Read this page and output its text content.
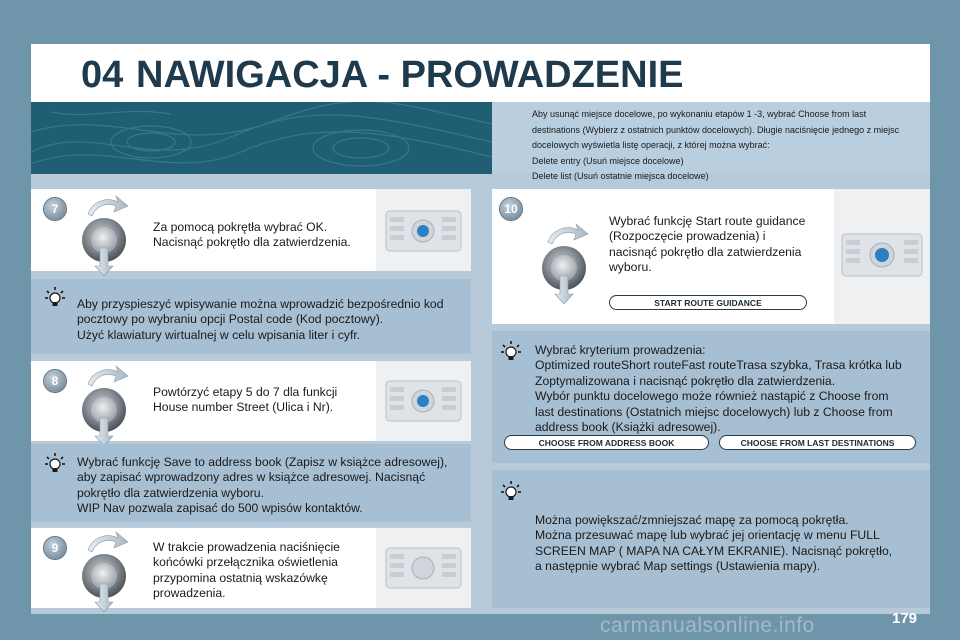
04 NAWIGACJA - PROWADZENIE
Aby usunąć miejsce docelowe, po wykonaniu etapów 1 -3, wybrać Choose from last
destinations (Wybierz z ostatnich punktów docelowych). Długie naciśnięcie jednego z miejsc
docelowych wyświetla listę operacji, z której można wybrać:
Delete entry (Usuń miejsce docelowe)
Delete list (Usuń ostatnie miejsca docelowe)
7
Za pomocą pokrętła wybrać OK.
Nacisnąć pokrętło dla zatwierdzenia.
Aby przyspieszyć wpisywanie można wprowadzić bezpośrednio kod
pocztowy po wybraniu opcji Postal code (Kod pocztowy).
Użyć klawiatury wirtualnej w celu wpisania liter i cyfr.
8
Powtórzyć etapy 5 do 7 dla funkcji
House number Street (Ulica i Nr).
Wybrać funkcję Save to address book (Zapisz w książce adresowej),
aby zapisać wprowadzony adres w książce adresowej. Nacisnąć
pokrętło dla zatwierdzenia wyboru.
WIP Nav pozwala zapisać do 500 wpisów kontaktów.
9	W trakcie prowadzenia naciśnięcie
końcówki przełącznika oświetlenia
przypomina ostatnią wskazówkę
prowadzenia.
10
Wybrać funkcję Start route guidance
(Rozpoczęcie prowadzenia) i
nacisnąć pokrętło dla zatwierdzenia
wyboru.
START ROUTE GUIDANCE
Wybrać kryterium prowadzenia:
Optimized routeShort routeFast routeTrasa szybka, Trasa krótka lub
Zoptymalizowana i nacisnąć pokrętło dla zatwierdzenia.
Wybór punktu docelowego może również nastąpić z Choose from
last destinations (Ostatnich miejsc docelowych) lub z Choose from
address book (Książki adresowej).
CHOOSE FROM ADDRESS BOOK	CHOOSE FROM LAST DESTINATIONS
Można powiększać/zmniejszać mapę za pomocą pokrętła.
Można przesuwać mapę lub wybrać jej orientację w menu FULL
SCREEN MAP ( MAPA NA CAŁYM EKRANIE). Nacisnąć pokrętło,
a następnie wybrać Map settings (Ustawienia mapy).
carmanualsonline.info	179
